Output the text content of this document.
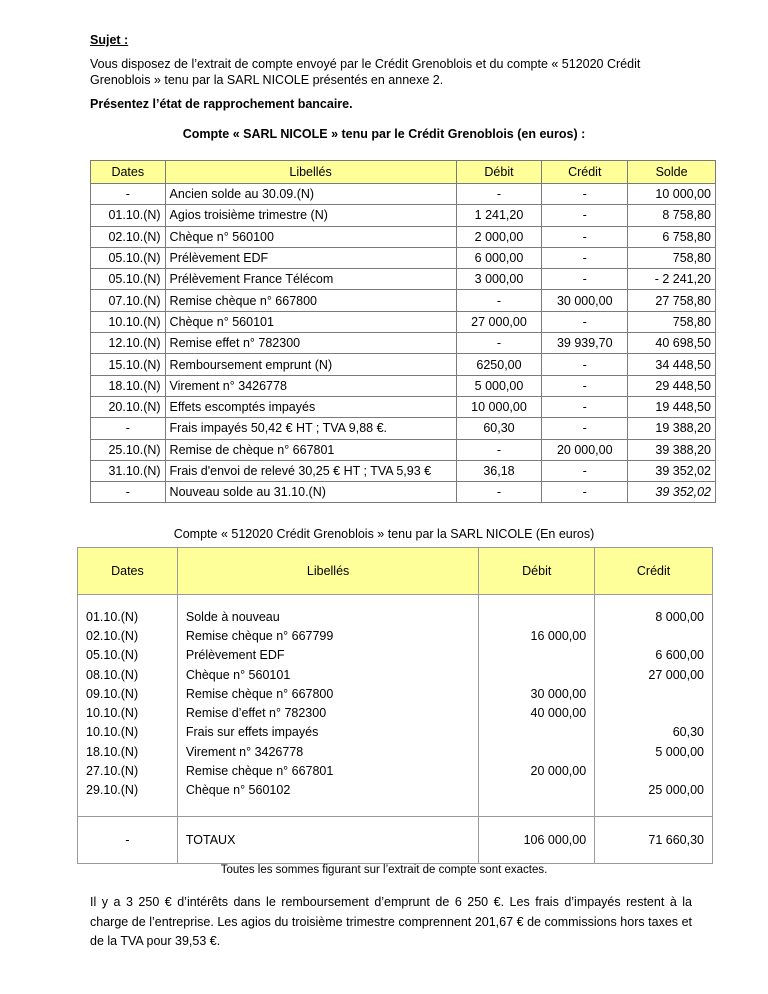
Sujet :
Vous disposez de l’extrait de compte envoyé par le Crédit Grenoblois et du compte « 512020 Crédit Grenoblois » tenu par la SARL NICOLE présentés en annexe 2.
Présentez l’état de rapprochement bancaire.
Compte « SARL NICOLE » tenu par le Crédit Grenoblois (en euros) :
Dates	Libellés	Débit	Crédit	Solde
-	Ancien solde au 30.09.(N)	-	-	10 000,00
01.10.(N)	Agios troisième trimestre (N)	1 241,20	-	8 758,80
02.10.(N)	Chèque n° 560100	2 000,00	-	6 758,80
05.10.(N)	Prélèvement EDF	6 000,00	-	758,80
05.10.(N)	Prélèvement France Télécom	3 000,00	-	- 2 241,20
07.10.(N)	Remise chèque n° 667800	-	30 000,00	27 758,80
10.10.(N)	Chèque n° 560101	27 000,00	-	758,80
12.10.(N)	Remise effet n° 782300	-	39 939,70	40 698,50
15.10.(N)	Remboursement emprunt (N)	6250,00	-	34 448,50
18.10.(N)	Virement n° 3426778	5 000,00	-	29 448,50
20.10.(N)	Effets escomptés impayés	10 000,00	-	19 448,50
-	Frais impayés 50,42 € HT ; TVA 9,88 €.	60,30	-	19 388,20
25.10.(N)	Remise de chèque n° 667801	-	20 000,00	39 388,20
31.10.(N)	Frais d'envoi de relevé 30,25 € HT ; TVA 5,93 €	36,18	-	39 352,02
-	Nouveau solde au 31.10.(N)	-	-	39 352,02
Compte « 512020 Crédit Grenoblois » tenu par la SARL NICOLE (En euros)
Dates	Libellés	Débit	Crédit

01.10.(N)	Solde à nouveau		8 000,00
02.10.(N)	Remise chèque n° 667799	16 000,00	
05.10.(N)	Prélèvement EDF		6 600,00
08.10.(N)	Chèque n° 560101		27 000,00
09.10.(N)	Remise chèque n° 667800	30 000,00	
10.10.(N)	Remise d’effet n° 782300	40 000,00	
10.10.(N)	Frais sur effets impayés		60,30
18.10.(N)	Virement n° 3426778		5 000,00
27.10.(N)	Remise chèque n° 667801	20 000,00	
29.10.(N)	Chèque n° 560102		25 000,00

-	TOTAUX	106 000,00	71 660,30
Toutes les sommes figurant sur l’extrait de compte sont exactes.
Il y a 3 250 € d’intérêts dans le remboursement d’emprunt de 6 250 €. Les frais d’impayés restent à la charge de l’entreprise. Les agios du troisième trimestre comprennent 201,67 € de commissions hors taxes et de la TVA pour 39,53 €.
